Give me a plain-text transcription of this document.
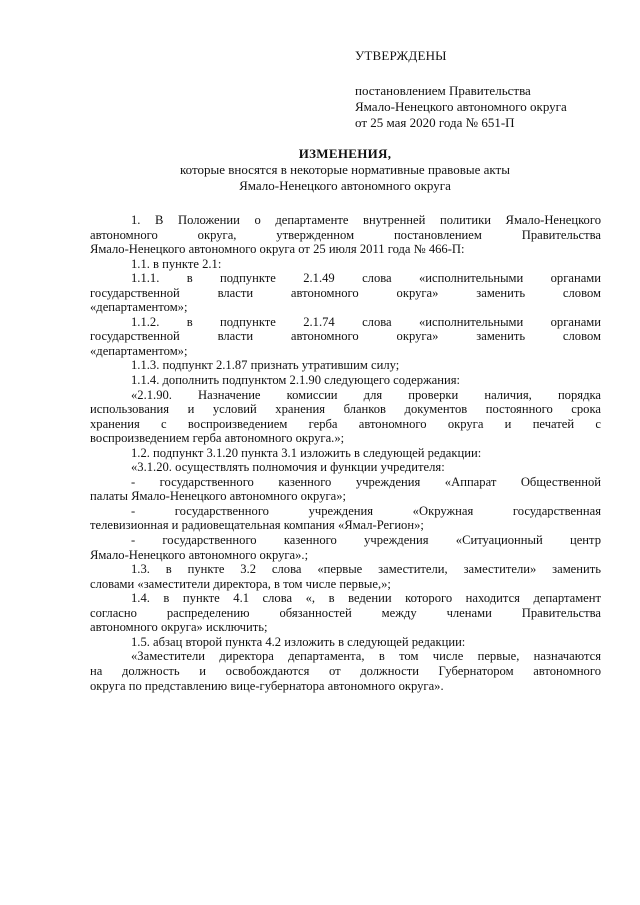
УТВЕРЖДЕНЫ
постановлением Правительства
Ямало-Ненецкого автономного округа
от 25 мая 2020 года № 651-П
ИЗМЕНЕНИЯ,
которые вносятся в некоторые нормативные правовые акты
Ямало-Ненецкого автономного округа
1. В Положении о департаменте внутренней политики Ямало-Ненецкого
автономного округа, утвержденном постановлением Правительства
Ямало-Ненецкого автономного округа от 25 июля 2011 года № 466-П:
1.1. в пункте 2.1:
1.1.1. в подпункте 2.1.49 слова «исполнительными органами
государственной власти автономного округа» заменить словом
«департаментом»;
1.1.2. в подпункте 2.1.74 слова «исполнительными органами
государственной власти автономного округа» заменить словом
«департаментом»;
1.1.3. подпункт 2.1.87 признать утратившим силу;
1.1.4. дополнить подпунктом 2.1.90 следующего содержания:
«2.1.90. Назначение комиссии для проверки наличия, порядка
использования и условий хранения бланков документов постоянного срока
хранения с воспроизведением герба автономного округа и печатей с
воспроизведением герба автономного округа.»;
1.2. подпункт 3.1.20 пункта 3.1 изложить в следующей редакции:
«3.1.20. осуществлять полномочия и функции учредителя:
- государственного казенного учреждения «Аппарат Общественной
палаты Ямало-Ненецкого автономного округа»;
- государственного учреждения «Окружная государственная
телевизионная и радиовещательная компания «Ямал-Регион»;
- государственного казенного учреждения «Ситуационный центр
Ямало-Ненецкого автономного округа».;
1.3. в пункте 3.2 слова «первые заместители, заместители» заменить
словами «заместители директора, в том числе первые,»;
1.4. в пункте 4.1 слова «, в ведении которого находится департамент
согласно распределению обязанностей между членами Правительства
автономного округа» исключить;
1.5. абзац второй пункта 4.2 изложить в следующей редакции:
«Заместители директора департамента, в том числе первые, назначаются
на должность и освобождаются от должности Губернатором автономного
округа по представлению вице-губернатора автономного округа».
